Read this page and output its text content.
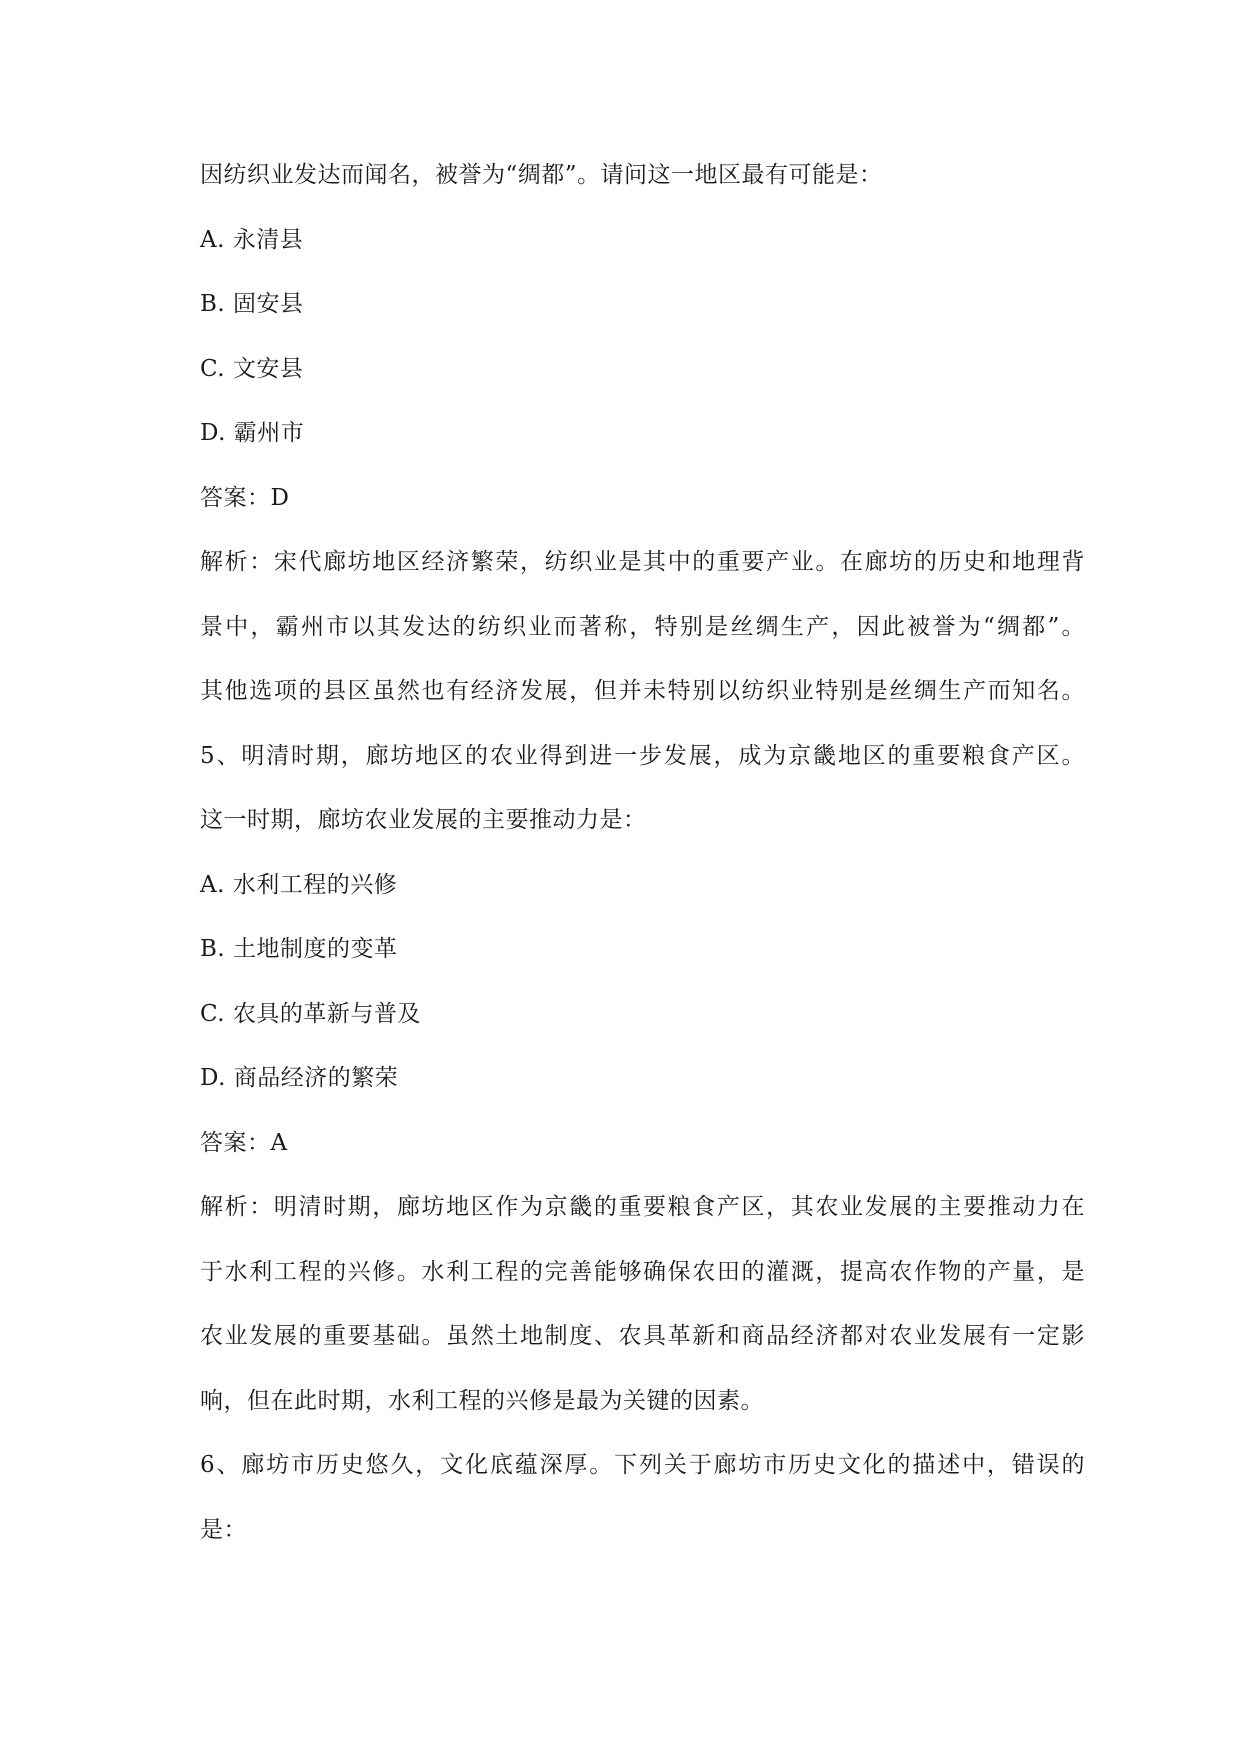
因纺织业发达而闻名，被誉为“绸都”。请问这一地区最有可能是：
A. 永清县
B. 固安县
C. 文安县
D. 霸州市
答案：D
解析：宋代廊坊地区经济繁荣，纺织业是其中的重要产业。在廊坊的历史和地理背
景中，霸州市以其发达的纺织业而著称，特别是丝绸生产，因此被誉为“绸都”。
其他选项的县区虽然也有经济发展，但并未特别以纺织业特别是丝绸生产而知名。
5、明清时期，廊坊地区的农业得到进一步发展，成为京畿地区的重要粮食产区。
这一时期，廊坊农业发展的主要推动力是：
A. 水利工程的兴修
B. 土地制度的变革
C. 农具的革新与普及
D. 商品经济的繁荣
答案：A
解析：明清时期，廊坊地区作为京畿的重要粮食产区，其农业发展的主要推动力在
于水利工程的兴修。水利工程的完善能够确保农田的灌溉，提高农作物的产量，是
农业发展的重要基础。虽然土地制度、农具革新和商品经济都对农业发展有一定影
响，但在此时期，水利工程的兴修是最为关键的因素。
6、廊坊市历史悠久，文化底蕴深厚。下列关于廊坊市历史文化的描述中，错误的
是：
